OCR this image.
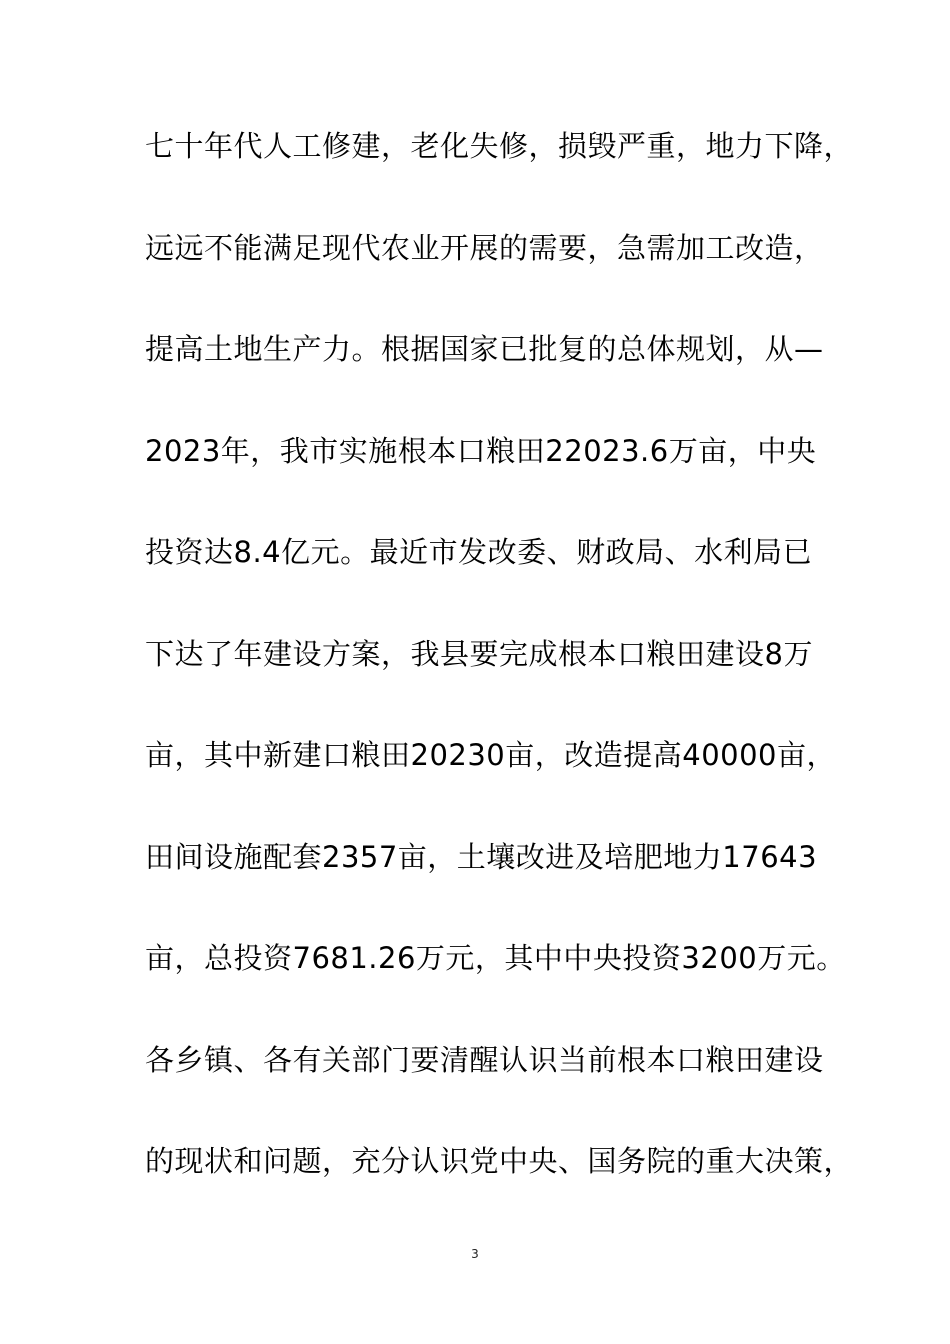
七十年代人工修建，老化失修，损毁严重，地力下降，
远远不能满足现代农业开展的需要，急需加工改造，
提高土地生产力。根据国家已批复的总体规划，从—
2023年，我市实施根本口粮田22023.6万亩，中央
投资达8.4亿元。最近市发改委、财政局、水利局已
下达了年建设方案，我县要完成根本口粮田建设8万
亩，其中新建口粮田20230亩，改造提高40000亩，
田间设施配套2357亩，土壤改进及培肥地力17643
亩，总投资7681.26万元，其中中央投资3200万元。
各乡镇、各有关部门要清醒认识当前根本口粮田建设
的现状和问题，充分认识党中央、国务院的重大决策，
3
